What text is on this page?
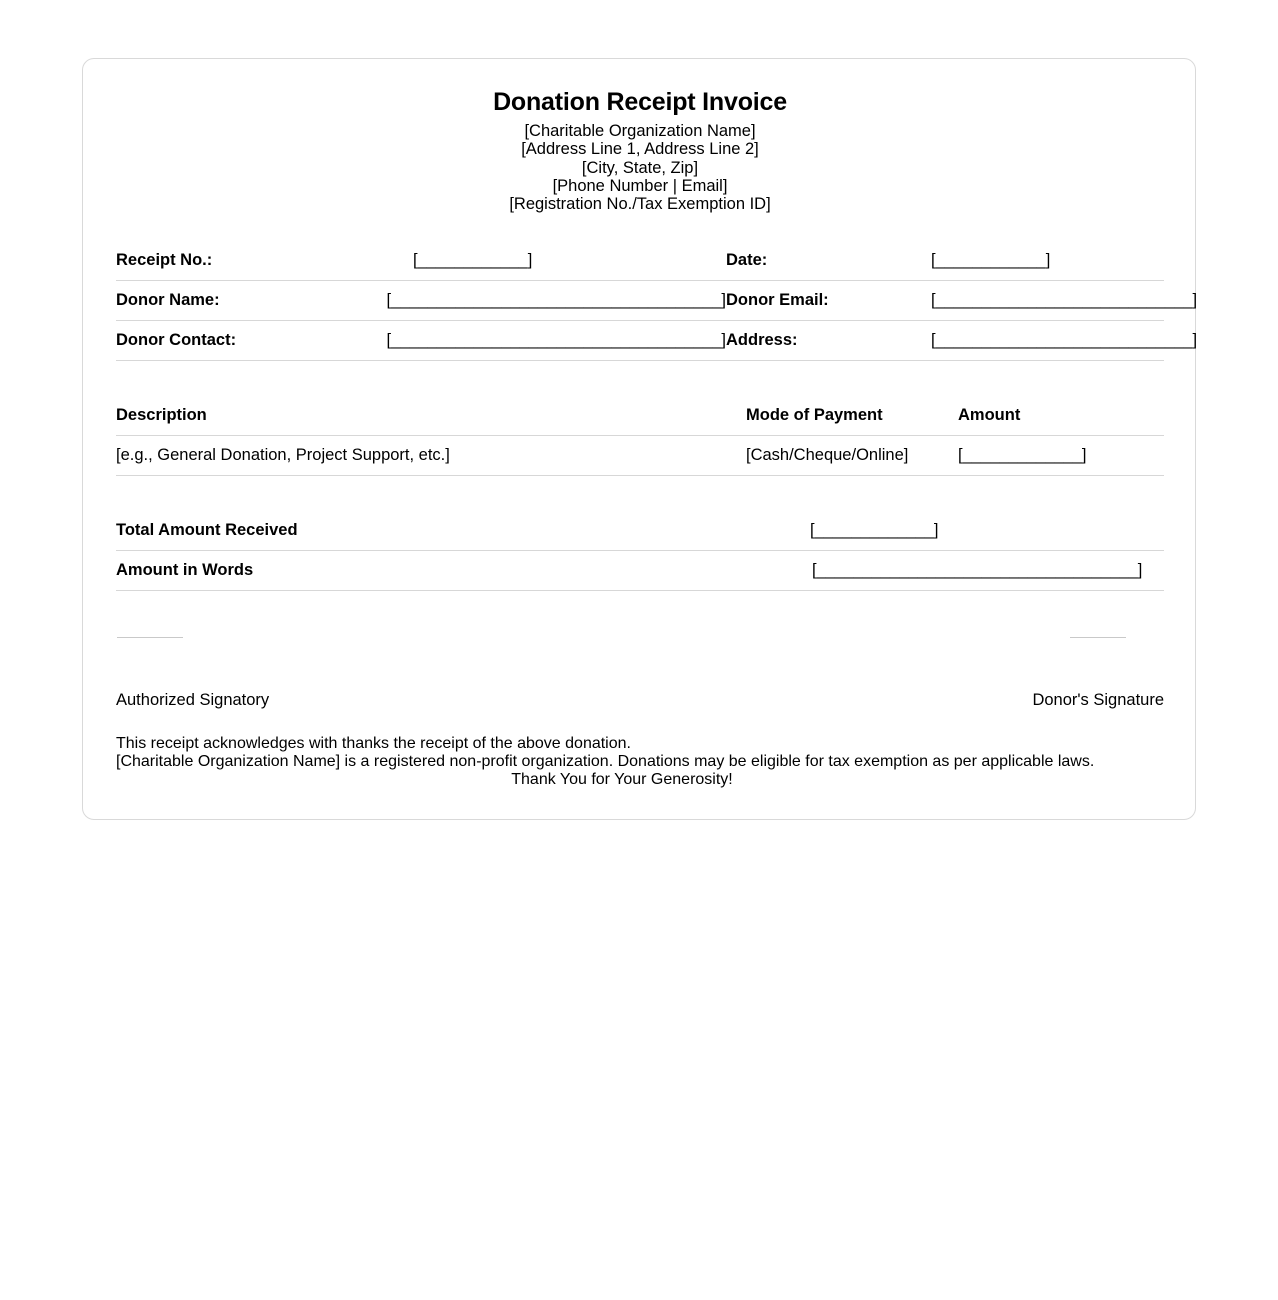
Donation Receipt Invoice
[Charitable Organization Name]
[Address Line 1, Address Line 2]
[City, State, Zip]
[Phone Number | Email]
[Registration No./Tax Exemption ID]
Receipt No.:	[____________]	Date:	[____________]
Donor Name:	[____________________________________] Donor Email:	[____________________________]
Donor Contact:	[____________________________________] Address:	[____________________________]
Description	Mode of Payment	Amount
[e.g., General Donation, Project Support, etc.]	[Cash/Cheque/Online]	[_____________]
Total Amount Received	[_____________]
Amount in Words	[___________________________________]
Authorized Signatory	Donor's Signature
This receipt acknowledges with thanks the receipt of the above donation.
[Charitable Organization Name] is a registered non-profit organization. Donations may be eligible for tax exemption as per applicable laws.
Thank You for Your Generosity!
